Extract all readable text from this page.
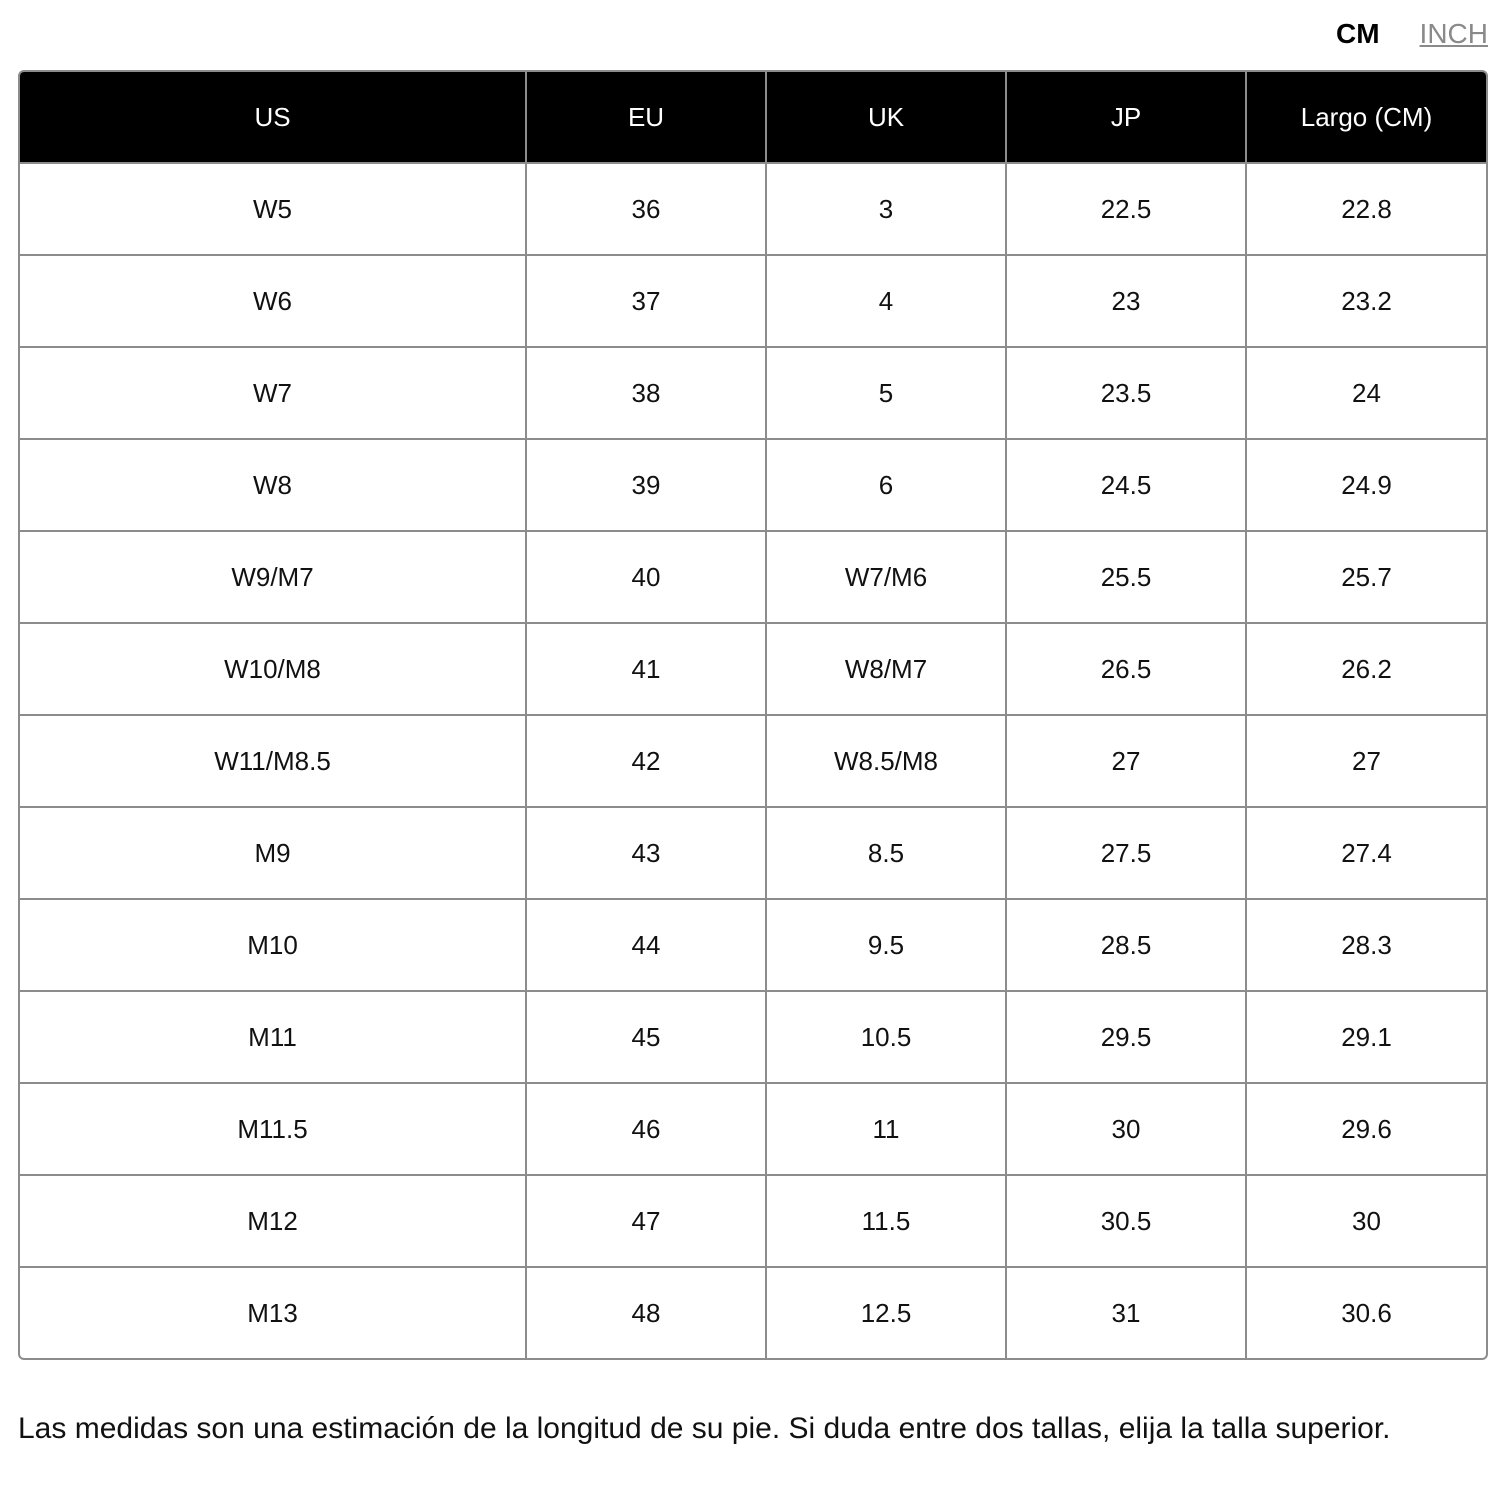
CM INCH
US	EU	UK	JP	Largo (CM)
W5	36	3	22.5	22.8
W6	37	4	23	23.2
W7	38	5	23.5	24
W8	39	6	24.5	24.9
W9/M7	40	W7/M6	25.5	25.7
W10/M8	41	W8/M7	26.5	26.2
W11/M8.5	42	W8.5/M8	27	27
M9	43	8.5	27.5	27.4
M10	44	9.5	28.5	28.3
M11	45	10.5	29.5	29.1
M11.5	46	11	30	29.6
M12	47	11.5	30.5	30
M13	48	12.5	31	30.6
Las medidas son una estimación de la longitud de su pie. Si duda entre dos tallas, elija la talla superior.
